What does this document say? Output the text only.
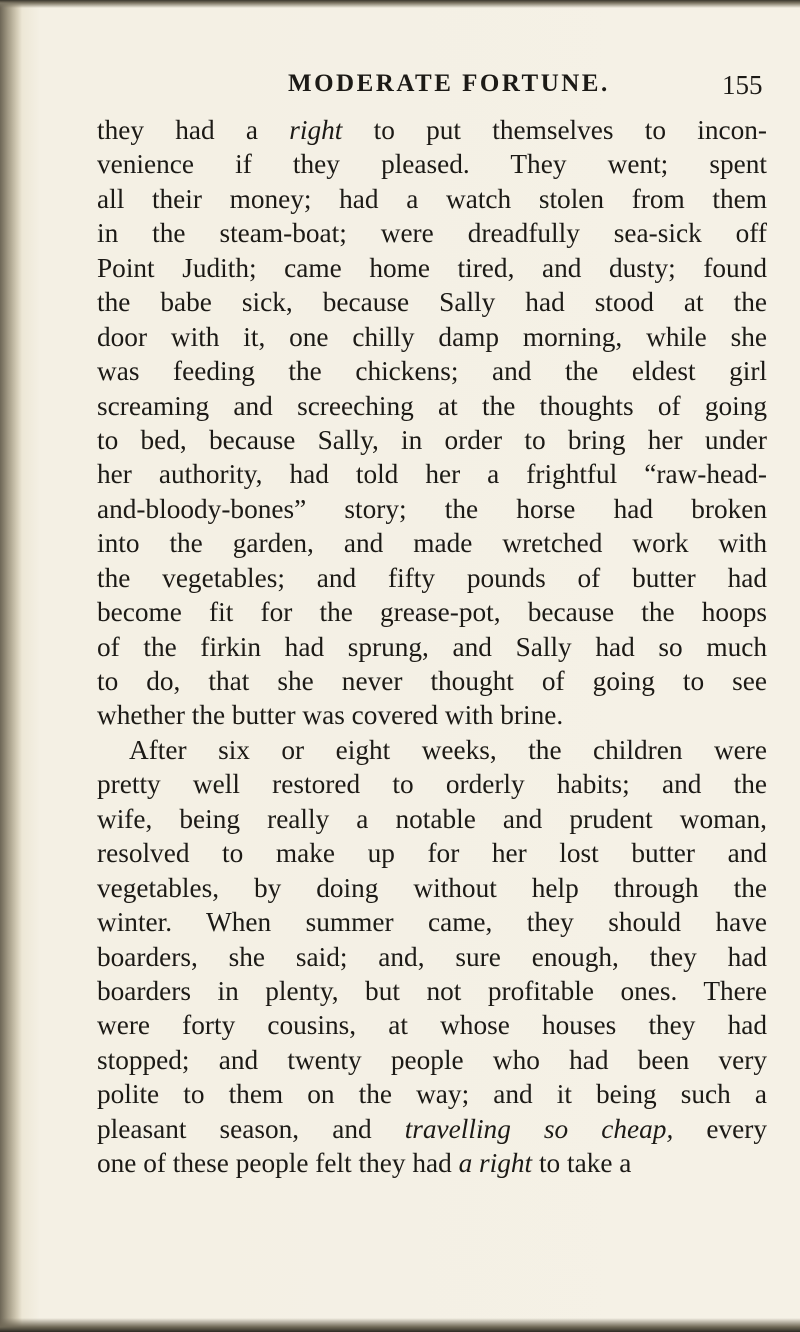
MODERATE FORTUNE.	155
they had a right to put themselves to incon-
venience if they pleased. They went; spent
all their money; had a watch stolen from them
in the steam-boat; were dreadfully sea-sick off
Point Judith; came home tired, and dusty; found
the babe sick, because Sally had stood at the
door with it, one chilly damp morning, while she
was feeding the chickens; and the eldest girl
screaming and screeching at the thoughts of going
to bed, because Sally, in order to bring her under
her authority, had told her a frightful “raw-head-
and-bloody-bones” story; the horse had broken
into the garden, and made wretched work with
the vegetables; and fifty pounds of butter had
become fit for the grease-pot, because the hoops
of the firkin had sprung, and Sally had so much
to do, that she never thought of going to see
whether the butter was covered with brine.
After six or eight weeks, the children were
pretty well restored to orderly habits; and the
wife, being really a notable and prudent woman,
resolved to make up for her lost butter and
vegetables, by doing without help through the
winter. When summer came, they should have
boarders, she said; and, sure enough, they had
boarders in plenty, but not profitable ones. There
were forty cousins, at whose houses they had
stopped; and twenty people who had been very
polite to them on the way; and it being such a
pleasant season, and travelling so cheap, every
one of these people felt they had a right to take a
